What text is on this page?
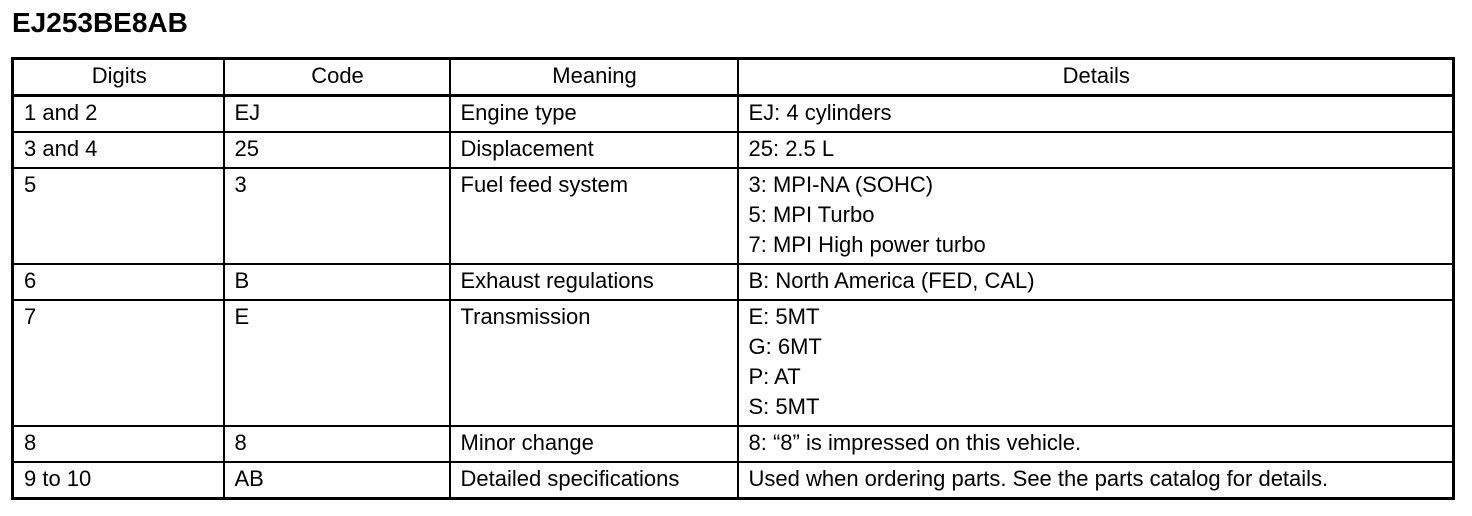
EJ253BE8AB
Digits	Code	Meaning	Details
1 and 2	EJ	Engine type	EJ: 4 cylinders

3 and 4	25	Displacement	25: 2.5 L

5	3	Fuel feed system	3: MPI-NA (SOHC)
5: MPI Turbo
7: MPI High power turbo

6	B	Exhaust regulations	B: North America (FED, CAL)

7	E	Transmission	E: 5MT
G: 6MT
P: AT
S: 5MT

8	8	Minor change	8: “8” is impressed on this vehicle.

9 to 10	AB	Detailed specifications	Used when ordering parts. See the parts catalog for details.
